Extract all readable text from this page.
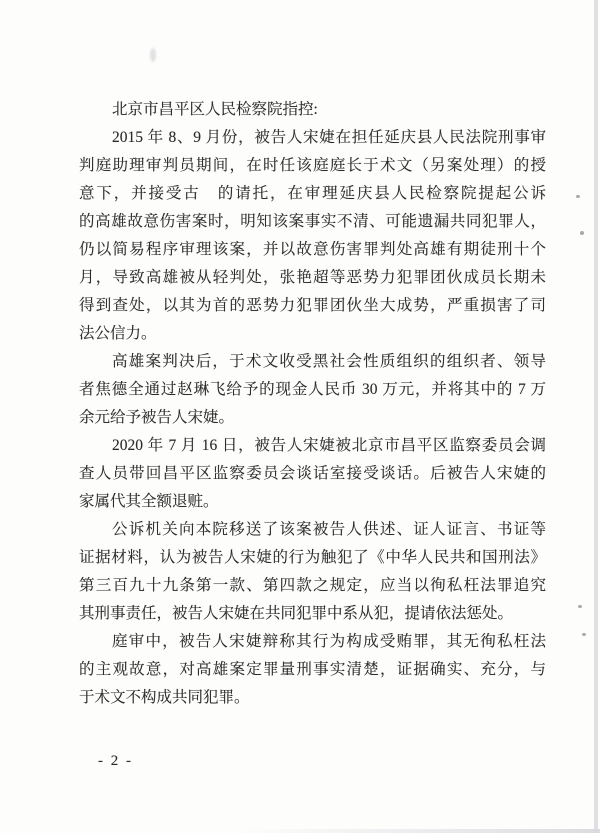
北京市昌平区人民检察院指控:
2015 年 8、9 月份，被告人宋婕在担任延庆县人民法院刑事审
判庭助理审判员期间，在时任该庭庭长于术文（另案处理）的授
意下，并接受古　的请托，在审理延庆县人民检察院提起公诉
的高雄故意伤害案时，明知该案事实不清、可能遗漏共同犯罪人，
仍以简易程序审理该案，并以故意伤害罪判处高雄有期徒刑十个
月，导致高雄被从轻判处，张艳超等恶势力犯罪团伙成员长期未
得到查处，以其为首的恶势力犯罪团伙坐大成势，严重损害了司
法公信力。
高雄案判决后，于术文收受黑社会性质组织的组织者、领导
者焦德全通过赵琳飞给予的现金人民币 30 万元，并将其中的 7 万
余元给予被告人宋婕。
2020 年 7 月 16 日，被告人宋婕被北京市昌平区监察委员会调
查人员带回昌平区监察委员会谈话室接受谈话。后被告人宋婕的
家属代其全额退赃。
公诉机关向本院移送了该案被告人供述、证人证言、书证等
证据材料，认为被告人宋婕的行为触犯了《中华人民共和国刑法》
第三百九十九条第一款、第四款之规定，应当以徇私枉法罪追究
其刑事责任，被告人宋婕在共同犯罪中系从犯，提请依法惩处。
庭审中，被告人宋婕辩称其行为构成受贿罪，其无徇私枉法
的主观故意，对高雄案定罪量刑事实清楚，证据确实、充分，与
于术文不构成共同犯罪。
- 2 -
